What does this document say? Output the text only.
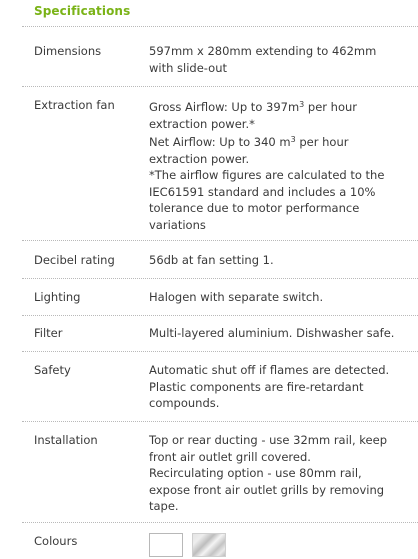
Specifications
Dimensions	597mm x 280mm extending to 462mm
with slide-out
Extraction fan	Gross Airflow: Up to $397m^3$ per hour
extraction power.*

Net Airflow: Up to 340 $m^3$ per hour
extraction power.
*The airflow figures are calculated to the
IEC61591 standard and includes a 10%
tolerance due to motor performance
variations

Decibel rating	56db at fan setting 1.
Lighting	Halogen with separate switch.
Filter	Multi-layered aluminium. Dishwasher safe.
Safety	Automatic shut off if flames are detected.
Plastic components are fire-retardant
compounds.
Installation	Top or rear ducting - use 32mm rail, keep
front air outlet grill covered.
Recirculating option - use 80mm rail,
expose front air outlet grills by removing
tape.
Colours
